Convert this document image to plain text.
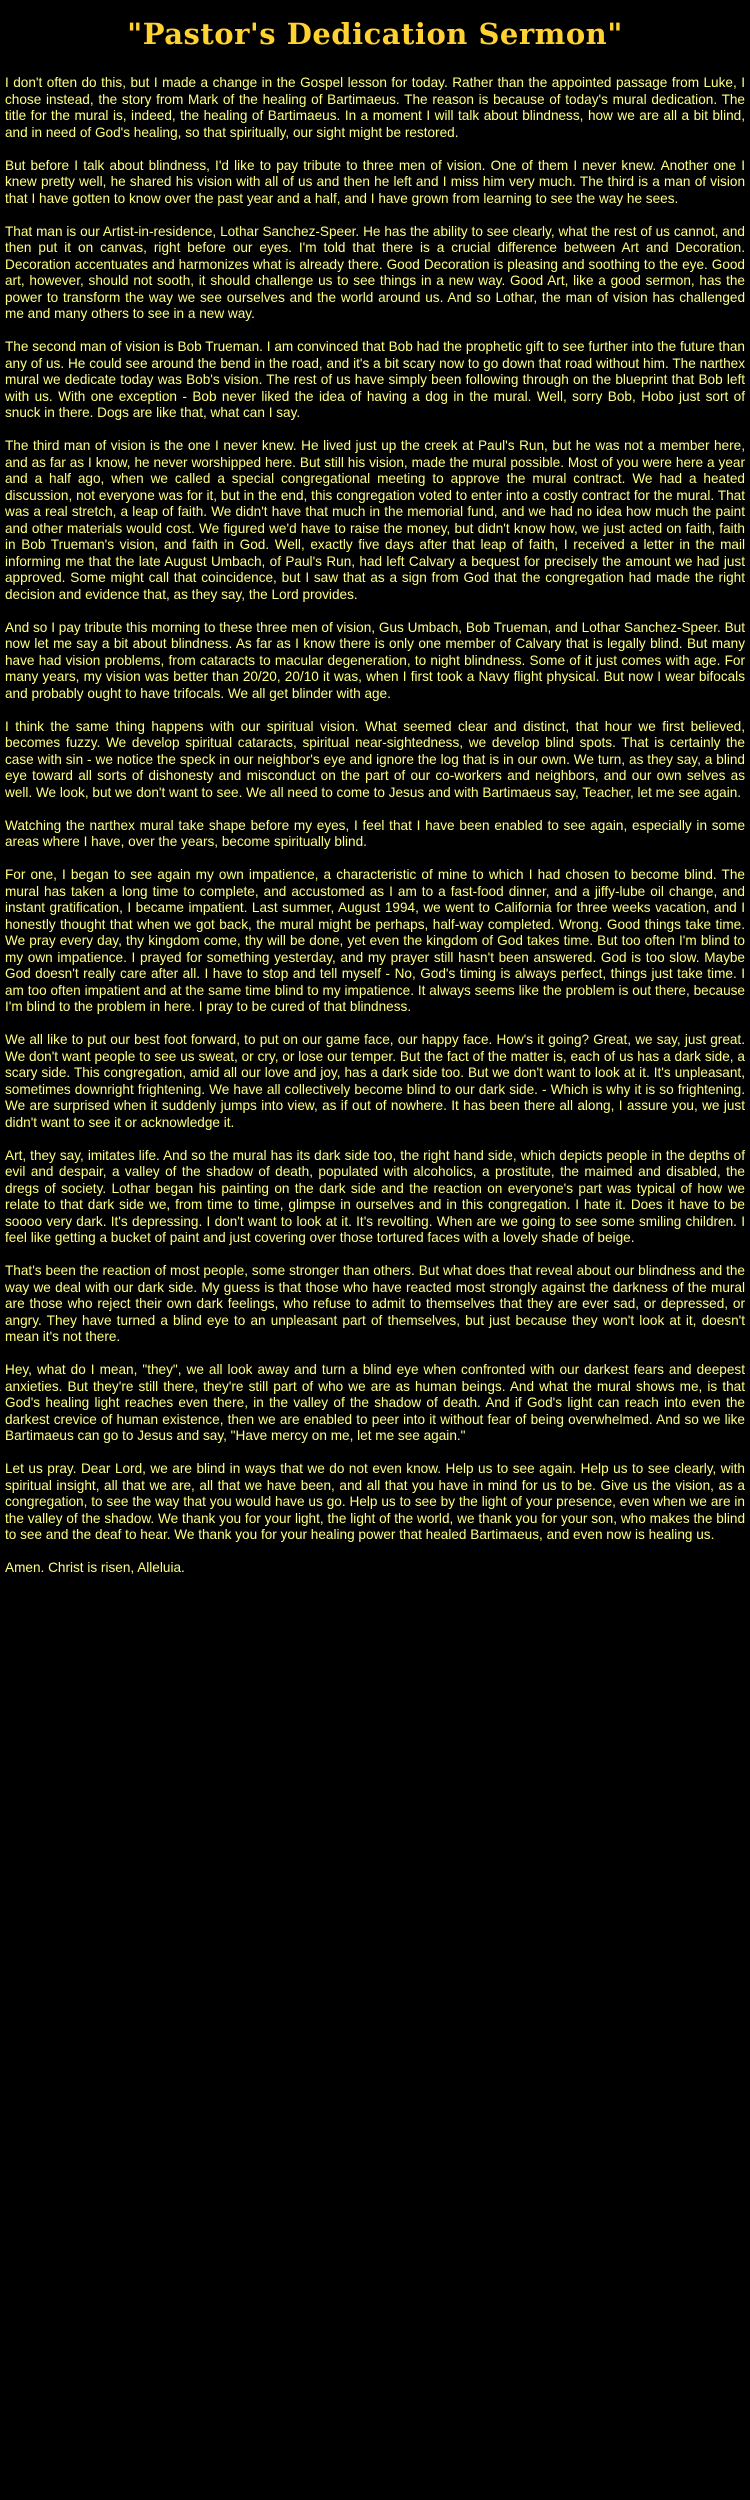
"Pastor's Dedication Sermon"

I don't often do this, but I made a change in the Gospel lesson for today. Rather than the appointed passage from Luke, I chose instead, the story from Mark of the healing of Bartimaeus. The reason is because of today's mural dedication. The title for the mural is, indeed, the healing of Bartimaeus. In a moment I will talk about blindness, how we are all a bit blind, and in need of God's healing, so that spiritually, our sight might be restored.

But before I talk about blindness, I'd like to pay tribute to three men of vision. One of them I never knew. Another one I knew pretty well, he shared his vision with all of us and then he left and I miss him very much. The third is a man of vision that I have gotten to know over the past year and a half, and I have grown from learning to see the way he sees.

That man is our Artist-in-residence, Lothar Sanchez-Speer. He has the ability to see clearly, what the rest of us cannot, and then put it on canvas, right before our eyes. I'm told that there is a crucial difference between Art and Decoration. Decoration accentuates and harmonizes what is already there. Good Decoration is pleasing and soothing to the eye. Good art, however, should not sooth, it should challenge us to see things in a new way. Good Art, like a good sermon, has the power to transform the way we see ourselves and the world around us. And so Lothar, the man of vision has challenged me and many others to see in a new way.

The second man of vision is Bob Trueman. I am convinced that Bob had the prophetic gift to see further into the future than any of us. He could see around the bend in the road, and it's a bit scary now to go down that road without him. The narthex mural we dedicate today was Bob's vision. The rest of us have simply been following through on the blueprint that Bob left with us. With one exception - Bob never liked the idea of having a dog in the mural. Well, sorry Bob, Hobo just sort of snuck in there. Dogs are like that, what can I say.

The third man of vision is the one I never knew. He lived just up the creek at Paul's Run, but he was not a member here, and as far as I know, he never worshipped here. But still his vision, made the mural possible. Most of you were here a year and a half ago, when we called a special congregational meeting to approve the mural contract. We had a heated discussion, not everyone was for it, but in the end, this congregation voted to enter into a costly contract for the mural. That was a real stretch, a leap of faith. We didn't have that much in the memorial fund, and we had no idea how much the paint and other materials would cost. We figured we'd have to raise the money, but didn't know how, we just acted on faith, faith in Bob Trueman's vision, and faith in God. Well, exactly five days after that leap of faith, I received a letter in the mail informing me that the late August Umbach, of Paul's Run, had left Calvary a bequest for precisely the amount we had just approved. Some might call that coincidence, but I saw that as a sign from God that the congregation had made the right decision and evidence that, as they say, the Lord provides.

And so I pay tribute this morning to these three men of vision, Gus Umbach, Bob Trueman, and Lothar Sanchez-Speer. But now let me say a bit about blindness. As far as I know there is only one member of Calvary that is legally blind. But many have had vision problems, from cataracts to macular degeneration, to night blindness. Some of it just comes with age. For many years, my vision was better than 20/20, 20/10 it was, when I first took a Navy flight physical. But now I wear bifocals and probably ought to have trifocals. We all get blinder with age.

I think the same thing happens with our spiritual vision. What seemed clear and distinct, that hour we first believed, becomes fuzzy. We develop spiritual cataracts, spiritual near-sightedness, we develop blind spots. That is certainly the case with sin - we notice the speck in our neighbor's eye and ignore the log that is in our own. We turn, as they say, a blind eye toward all sorts of dishonesty and misconduct on the part of our co-workers and neighbors, and our own selves as well. We look, but we don't want to see. We all need to come to Jesus and with Bartimaeus say, Teacher, let me see again.

Watching the narthex mural take shape before my eyes, I feel that I have been enabled to see again, especially in some areas where I have, over the years, become spiritually blind.

For one, I began to see again my own impatience, a characteristic of mine to which I had chosen to become blind. The mural has taken a long time to complete, and accustomed as I am to a fast-food dinner, and a jiffy-lube oil change, and instant gratification, I became impatient. Last summer, August 1994, we went to California for three weeks vacation, and I honestly thought that when we got back, the mural might be perhaps, half-way completed. Wrong. Good things take time. We pray every day, thy kingdom come, thy will be done, yet even the kingdom of God takes time. But too often I'm blind to my own impatience. I prayed for something yesterday, and my prayer still hasn't been answered. God is too slow. Maybe God doesn't really care after all. I have to stop and tell myself - No, God's timing is always perfect, things just take time. I am too often impatient and at the same time blind to my impatience. It always seems like the problem is out there, because I'm blind to the problem in here. I pray to be cured of that blindness.

We all like to put our best foot forward, to put on our game face, our happy face. How's it going? Great, we say, just great. We don't want people to see us sweat, or cry, or lose our temper. But the fact of the matter is, each of us has a dark side, a scary side. This congregation, amid all our love and joy, has a dark side too. But we don't want to look at it. It's unpleasant, sometimes downright frightening. We have all collectively become blind to our dark side. - Which is why it is so frightening. We are surprised when it suddenly jumps into view, as if out of nowhere. It has been there all along, I assure you, we just didn't want to see it or acknowledge it.

Art, they say, imitates life. And so the mural has its dark side too, the right hand side, which depicts people in the depths of evil and despair, a valley of the shadow of death, populated with alcoholics, a prostitute, the maimed and disabled, the dregs of society. Lothar began his painting on the dark side and the reaction on everyone's part was typical of how we relate to that dark side we, from time to time, glimpse in ourselves and in this congregation. I hate it. Does it have to be soooo very dark. It's depressing. I don't want to look at it. It's revolting. When are we going to see some smiling children. I feel like getting a bucket of paint and just covering over those tortured faces with a lovely shade of beige.

That's been the reaction of most people, some stronger than others. But what does that reveal about our blindness and the way we deal with our dark side. My guess is that those who have reacted most strongly against the darkness of the mural are those who reject their own dark feelings, who refuse to admit to themselves that they are ever sad, or depressed, or angry. They have turned a blind eye to an unpleasant part of themselves, but just because they won't look at it, doesn't mean it's not there.

Hey, what do I mean, "they", we all look away and turn a blind eye when confronted with our darkest fears and deepest anxieties. But they're still there, they're still part of who we are as human beings. And what the mural shows me, is that God's healing light reaches even there, in the valley of the shadow of death. And if God's light can reach into even the darkest crevice of human existence, then we are enabled to peer into it without fear of being overwhelmed. And so we like Bartimaeus can go to Jesus and say, "Have mercy on me, let me see again."

Let us pray. Dear Lord, we are blind in ways that we do not even know. Help us to see again. Help us to see clearly, with spiritual insight, all that we are, all that we have been, and all that you have in mind for us to be. Give us the vision, as a congregation, to see the way that you would have us go. Help us to see by the light of your presence, even when we are in the valley of the shadow. We thank you for your light, the light of the world, we thank you for your son, who makes the blind to see and the deaf to hear. We thank you for your healing power that healed Bartimaeus, and even now is healing us.

Amen. Christ is risen, Alleluia.
